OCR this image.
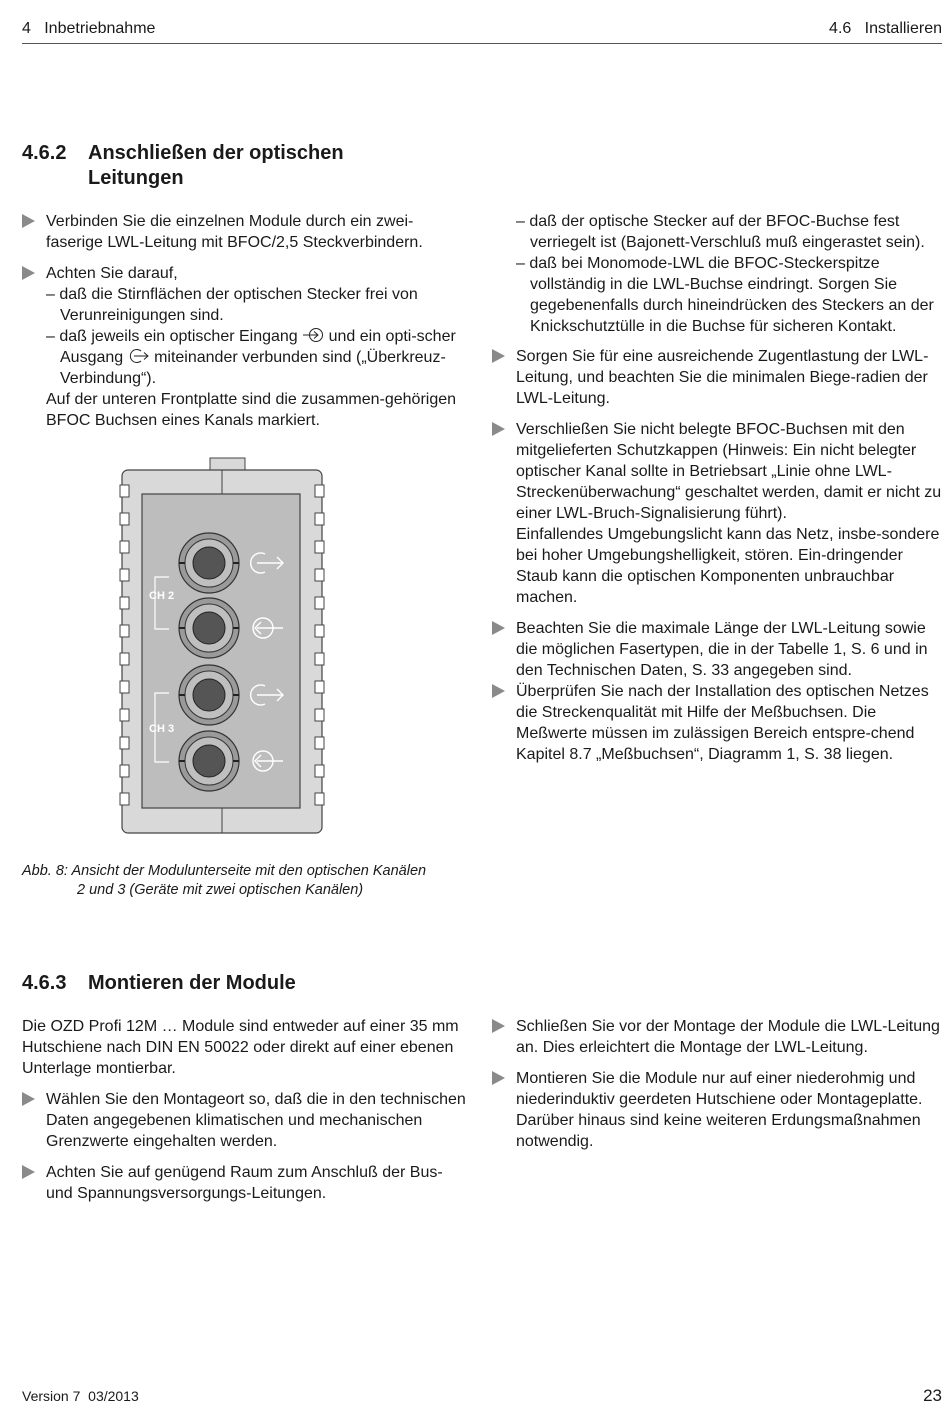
4   Inbetriebnahme	4.6   Installieren
4.6.2 Anschließen der optischen
Leitungen

Verbinden Sie die einzelnen Module durch ein zwei-faserige LWL-Leitung mit BFOC/2,5 Steckverbindern.

Achten Sie darauf,

– daß die Stirnflächen der optischen Stecker frei von Verunreinigungen sind.

– daß jeweils ein optischer Eingang und ein opti-scher Ausgang miteinander verbunden sind („Überkreuz-Verbindung“).

Auf der unteren Frontplatte sind die zusammen-gehörigen BFOC Buchsen eines Kanals markiert.

– daß der optische Stecker auf der BFOC-Buchse fest verriegelt ist (Bajonett-Verschluß muß eingerastet sein).

– daß bei Monomode-LWL die BFOC-Steckerspitze vollständig in die LWL-Buchse eindringt. Sorgen Sie gegebenenfalls durch hineindrücken des Steckers an der Knickschutztülle in die Buchse für sicheren Kontakt.

Sorgen Sie für eine ausreichende Zugentlastung der LWL-Leitung, und beachten Sie die minimalen Biege-radien der LWL-Leitung.

Verschließen Sie nicht belegte BFOC-Buchsen mit den mitgelieferten Schutzkappen (Hinweis: Ein nicht belegter optischer Kanal sollte in Betriebsart „Linie ohne LWL-Streckenüberwachung“ geschaltet werden, damit er nicht zu einer LWL-Bruch-Signalisierung führt).

Einfallendes Umgebungslicht kann das Netz, insbe-sondere bei hoher Umgebungshelligkeit, stören. Ein-dringender Staub kann die optischen Komponenten unbrauchbar machen.

Beachten Sie die maximale Länge der LWL-Leitung sowie die möglichen Fasertypen, die in der Tabelle 1, S. 6 und in den Technischen Daten, S. 33 angegeben sind.

Überprüfen Sie nach der Installation des optischen Netzes die Streckenqualität mit Hilfe der Meßbuchsen. Die Meßwerte müssen im zulässigen Bereich entspre-chend Kapitel 8.7 „Meßbuchsen“, Diagramm 1, S. 38 liegen.

CH 2
CH 3
Abb. 8: Ansicht der Modulunterseite mit den optischen Kanälen
2 und 3 (Geräte mit zwei optischen Kanälen)
4.6.3 Montieren der Module

Die OZD Profi 12M … Module sind entweder auf einer 35 mm Hutschiene nach DIN EN 50022 oder direkt auf einer ebenen Unterlage montierbar.

Wählen Sie den Montageort so, daß die in den technischen Daten angegebenen klimatischen und mechanischen Grenzwerte eingehalten werden.

Achten Sie auf genügend Raum zum Anschluß der Bus- und Spannungsversorgungs-Leitungen.

Schließen Sie vor der Montage der Module die LWL-Leitung an. Dies erleichtert die Montage der LWL-Leitung.

Montieren Sie die Module nur auf einer niederohmig und niederinduktiv geerdeten Hutschiene oder Montageplatte. Darüber hinaus sind keine weiteren Erdungsmaßnahmen notwendig.

Version 7  03/2013	23
